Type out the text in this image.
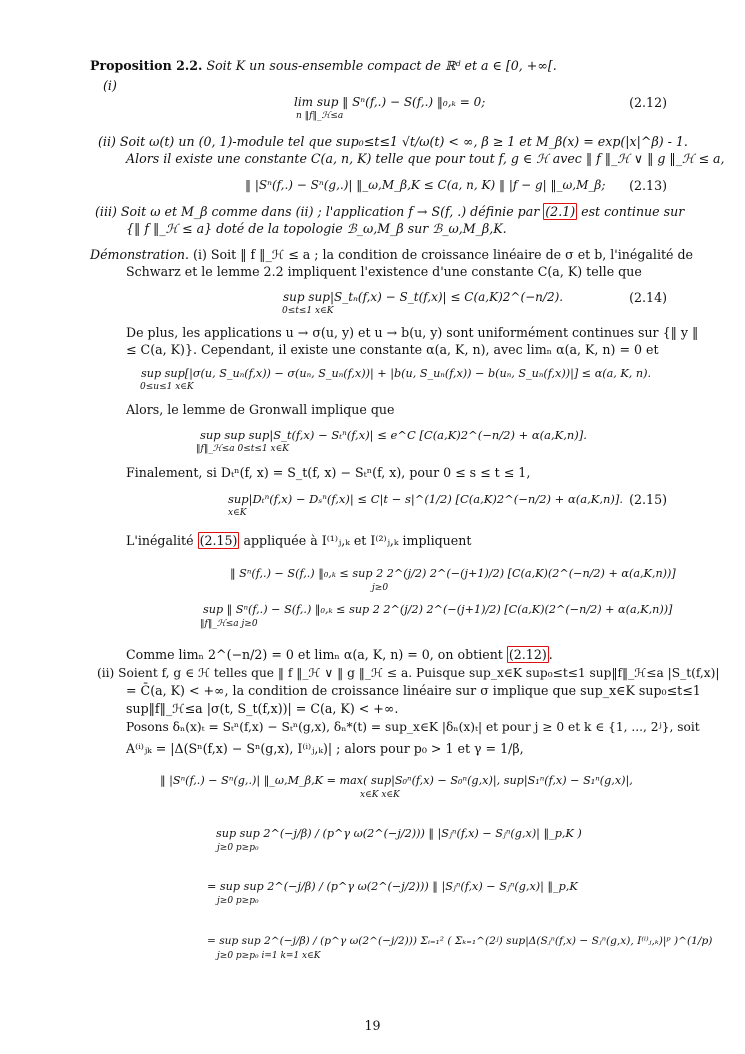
Proposition 2.2. Soit K un sous-ensemble compact de ℝᵈ et a ∈ [0, +∞[.
(i)
lim sup ‖ Sⁿ(f,.) − S(f,.) ‖₀,ₖ = 0;
n ‖f‖_ℋ≤a
(2.12)
(ii) Soit ω(t) un (0, 1)-module tel que sup₀≤t≤1 √t/ω(t) < ∞, β ≥ 1 et M_β(x) = exp(|x|^β) - 1.
Alors il existe une constante C(a, n, K) telle que pour tout f, g ∈ ℋ avec ‖ f ‖_ℋ ∨ ‖ g ‖_ℋ ≤ a,
‖ |Sⁿ(f,.) − Sⁿ(g,.)| ‖_ω,M_β,K ≤ C(a, n, K) ‖ |f − g| ‖_ω,M_β; (2.13)
(iii) Soit ω et M_β comme dans (ii) ; l'application f → S(f, .) définie par (2.1) est continue sur
{‖ f ‖_ℋ ≤ a} doté de la topologie ℬ_ω,M_β sur ℬ_ω,M_β,K.
Démonstration. (i) Soit ‖ f ‖_ℋ ≤ a ; la condition de croissance linéaire de σ et b, l'inégalité de
Schwarz et le lemme 2.2 impliquent l'existence d'une constante C(a, K) telle que
sup sup|S_tₙ(f,x) − S_t(f,x)| ≤ C(a,K)2^(−n/2).
0≤t≤1 x∈K
(2.14)
De plus, les applications u → σ(u, y) et u → b(u, y) sont uniformément continues sur {‖ y ‖
≤ C(a, K)}. Cependant, il existe une constante α(a, K, n), avec limₙ α(a, K, n) = 0 et
sup sup[|σ(u, S_uₙ(f,x)) − σ(uₙ, S_uₙ(f,x))| + |b(u, S_uₙ(f,x)) − b(uₙ, S_uₙ(f,x))|] ≤ α(a, K, n).
0≤u≤1 x∈K
Alors, le lemme de Gronwall implique que
sup sup sup|S_t(f,x) − Sₜⁿ(f,x)| ≤ e^C [C(a,K)2^(−n/2) + α(a,K,n)].
‖f‖_ℋ≤a 0≤t≤1 x∈K
Finalement, si Dₜⁿ(f, x) = S_t(f, x) − Sₜⁿ(f, x), pour 0 ≤ s ≤ t ≤ 1,
sup|Dₜⁿ(f,x) − Dₛⁿ(f,x)| ≤ C|t − s|^(1/2) [C(a,K)2^(−n/2) + α(a,K,n)].
x∈K
(2.15)
L'inégalité (2.15) appliquée à I⁽¹⁾ⱼ,ₖ et I⁽²⁾ⱼ,ₖ impliquent
‖ Sⁿ(f,.) − S(f,.) ‖₀,ₖ ≤ sup 2 2^(j/2) 2^(−(j+1)/2) [C(a,K)(2^(−n/2) + α(a,K,n))]
j≥0
sup ‖ Sⁿ(f,.) − S(f,.) ‖₀,ₖ ≤ sup 2 2^(j/2) 2^(−(j+1)/2) [C(a,K)(2^(−n/2) + α(a,K,n))]
‖f‖_ℋ≤a j≥0
Comme limₙ 2^(−n/2) = 0 et limₙ α(a, K, n) = 0, on obtient (2.12) .
(ii) Soient f, g ∈ ℋ telles que ‖ f ‖_ℋ ∨ ‖ g ‖_ℋ ≤ a. Puisque sup_x∈K sup₀≤t≤1 sup‖f‖_ℋ≤a |S_t(f,x)|
= C̄(a, K) < +∞, la condition de croissance linéaire sur σ implique que sup_x∈K sup₀≤t≤1
sup‖f‖_ℋ≤a |σ(t, S_t(f,x))| = C(a, K) < +∞.
Posons δₙ(x)ₜ = Sₜⁿ(f,x) − Sₜⁿ(g,x), δₙ*(t) = sup_x∈K |δₙ(x)ₜ| et pour j ≥ 0 et k ∈ {1, ..., 2ʲ}, soit
A⁽ⁱ⁾ⱼₖ = |Δ(Sⁿ(f,x) − Sⁿ(g,x), I⁽ⁱ⁾ⱼ,ₖ)| ; alors pour p₀ > 1 et γ = 1/β,
‖ |Sⁿ(f,.) − Sⁿ(g,.)| ‖_ω,M_β,K = max( sup|S₀ⁿ(f,x) − S₀ⁿ(g,x)|, sup|S₁ⁿ(f,x) − S₁ⁿ(g,x)|,
x∈K x∈K
sup sup 2^(−j/β) / (p^γ ω(2^(−j/2))) ‖ |Sⱼⁿ(f,x) − Sⱼⁿ(g,x)| ‖_p,K )
j≥0 p≥p₀
= sup sup 2^(−j/β) / (p^γ ω(2^(−j/2))) ‖ |Sⱼⁿ(f,x) − Sⱼⁿ(g,x)| ‖_p,K
j≥0 p≥p₀
= sup sup 2^(−j/β) / (p^γ ω(2^(−j/2))) Σᵢ₌₁² ( Σₖ₌₁^(2ʲ) sup|Δ(Sⱼⁿ(f,x) − Sⱼⁿ(g,x), I⁽ⁱ⁾ⱼ,ₖ)|ᵖ )^(1/p)
j≥0 p≥p₀ i=1 k=1 x∈K
19
